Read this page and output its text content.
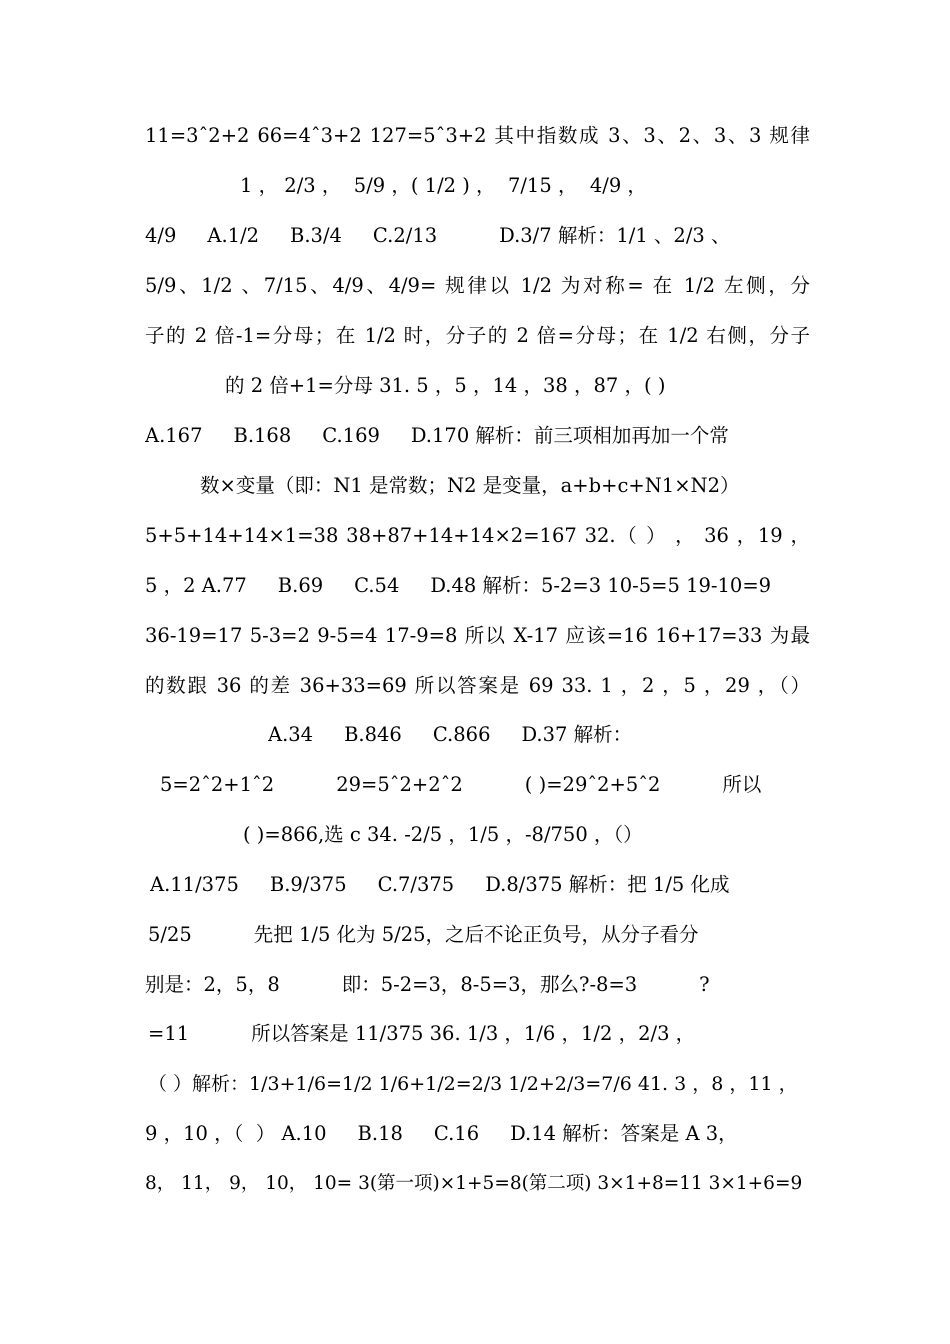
11=3ˆ2+2 66=4ˆ3+2 127=5ˆ3+2 其中指数成 3、3、2、3、3 规律
1 ， 2/3 ，  5/9 ，( 1/2 ) ，  7/15 ，  4/9 ，
4/9     A.1/2     B.3/4     C.2/13          D.3/7 解析：1/1 、2/3 、
5/9、1/2 、7/15、4/9、4/9= 规律以 1/2 为对称= 在 1/2 左侧，分
子的 2 倍-1=分母；在 1/2 时，分子的 2 倍=分母；在 1/2 右侧，分子
的 2 倍+1=分母 31. 5 ，5 ，14 ，38 ，87 ，( )
A.167     B.168     C.169     D.170 解析：前三项相加再加一个常
数×变量（即：N1 是常数；N2 是变量，a+b+c+N1×N2）
5+5+14+14×1=38 38+87+14+14×2=167 32.（ ） ， 36 ，19 ，
5 ，2 A.77     B.69     C.54     D.48 解析：5-2=3 10-5=5 19-10=9
36-19=17 5-3=2 9-5=4 17-9=8 所以 X-17 应该=16 16+17=33 为最
的数跟 36 的差 36+33=69 所以答案是 69 33. 1 ，2 ，5 ，29 ，（）
A.34     B.846     C.866     D.37 解析：
5=2ˆ2+1ˆ2          29=5ˆ2+2ˆ2          ( )=29ˆ2+5ˆ2          所以
( )=866,选 c 34. -2/5 ，1/5 ，-8/750 ，（）
A.11/375     B.9/375     C.7/375     D.8/375 解析：把 1/5 化成
5/25          先把 1/5 化为 5/25，之后不论正负号，从分子看分
别是：2，5，8          即：5-2=3，8-5=3，那么?-8=3          ?
=11          所以答案是 11/375 36. 1/3 ，1/6 ，1/2 ，2/3 ，
（ ）解析：1/3+1/6=1/2 1/6+1/2=2/3 1/2+2/3=7/6 41. 3 ，8 ，11 ，
9 ，10 ，（  ） A.10     B.18     C.16     D.14 解析：答案是 A 3，
8， 11， 9， 10， 10= 3(第一项)×1+5=8(第二项) 3×1+8=11 3×1+6=9
